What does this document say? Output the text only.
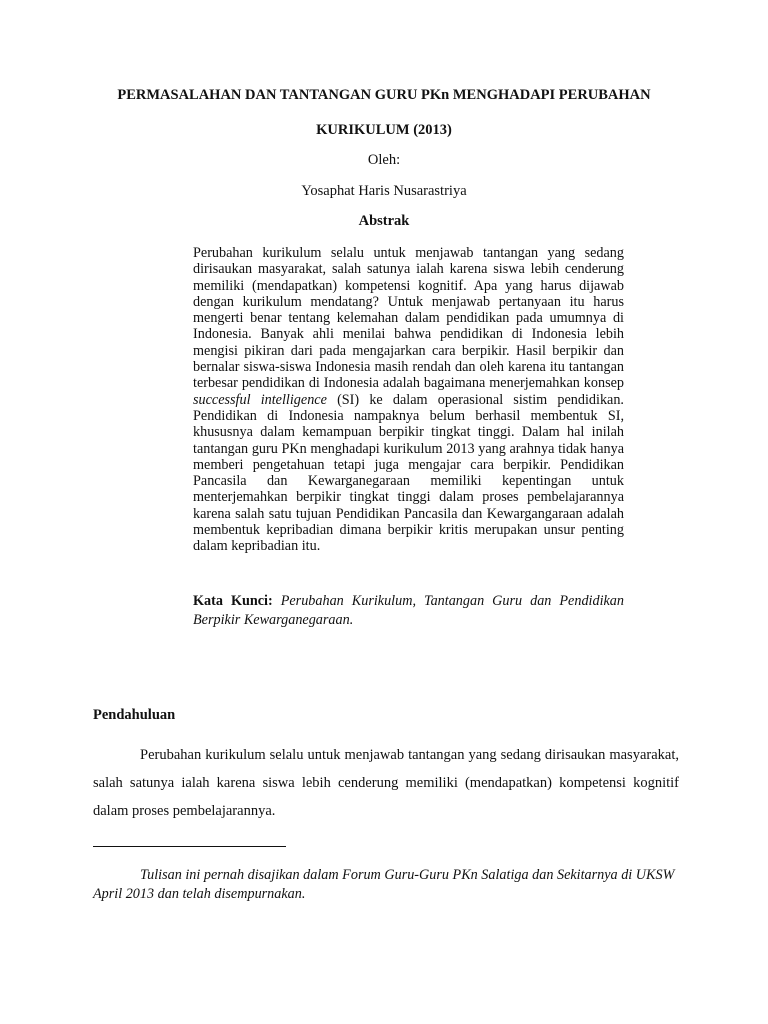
PERMASALAHAN DAN TANTANGAN GURU PKn MENGHADAPI PERUBAHAN

KURIKULUM (2013)

Oleh:
Yosaphat Haris Nusarastriya
Abstrak

Perubahan kurikulum selalu untuk menjawab tantangan yang sedang dirisaukan masyarakat, salah satunya ialah karena siswa lebih cenderung memiliki (mendapatkan) kompetensi kognitif. Apa yang harus dijawab dengan kurikulum mendatang? Untuk menjawab pertanyaan itu harus mengerti benar tentang kelemahan dalam pendidikan pada umumnya di Indonesia. Banyak ahli menilai bahwa pendidikan di Indonesia lebih mengisi pikiran dari pada mengajarkan cara berpikir. Hasil berpikir dan bernalar siswa-siswa Indonesia masih rendah dan oleh karena itu tantangan terbesar pendidikan di Indonesia adalah bagaimana menerjemahkan konsep successful intelligence (SI) ke dalam operasional sistim pendidikan. Pendidikan di Indonesia nampaknya belum berhasil membentuk SI, khususnya dalam kemampuan berpikir tingkat tinggi. Dalam hal inilah tantangan guru PKn menghadapi kurikulum 2013 yang arahnya tidak hanya memberi pengetahuan tetapi juga mengajar cara berpikir. Pendidikan Pancasila dan Kewarganegaraan memiliki kepentingan untuk menterjemahkan berpikir tingkat tinggi dalam proses pembelajarannya karena salah satu tujuan Pendidikan Pancasila dan Kewargangaraan adalah membentuk kepribadian dimana berpikir kritis merupakan unsur penting dalam kepribadian itu.

Kata Kunci: Perubahan Kurikulum, Tantangan Guru dan Pendidikan Berpikir Kewarganegaraan.

Pendahuluan

Perubahan kurikulum selalu untuk menjawab tantangan yang sedang dirisaukan masyarakat, salah satunya ialah karena siswa lebih cenderung memiliki (mendapatkan) kompetensi kognitif dalam proses pembelajarannya.

Tulisan ini pernah disajikan dalam Forum Guru-Guru PKn Salatiga dan Sekitarnya di UKSW April 2013 dan telah disempurnakan.
